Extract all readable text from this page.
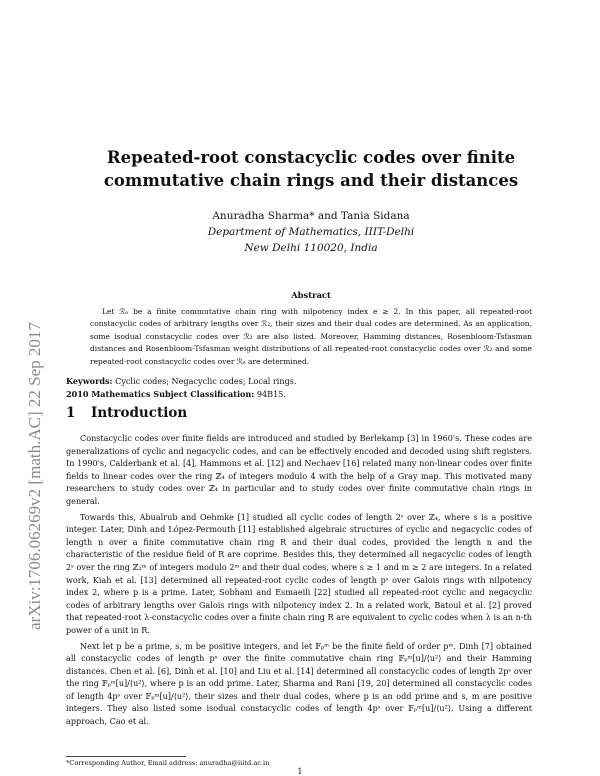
arXiv:1706.06269v2 [math.AC] 22 Sep 2017
Repeated-root constacyclic codes over finite
commutative chain rings and their distances
Anuradha Sharma* and Tania Sidana
Department of Mathematics, IIIT-Delhi
New Delhi 110020, India
Abstract
Let ℛₑ be a finite commutative chain ring with nilpotency index e ≥ 2. In this paper, all repeated-root constacyclic codes of arbitrary lengths over ℛ₂, their sizes and their dual codes are determined. As an application, some isodual constacyclic codes over ℛ₂ are also listed. Moreover, Hamming distances, Rosenbloom-Tsfasman distances and Rosenbloom-Tsfasman weight distributions of all repeated-root constacyclic codes over ℛ₂ and some repeated-root constacyclic codes over ℛₑ are determined.
Keywords: Cyclic codes; Negacyclic codes; Local rings.
2010 Mathematics Subject Classification: 94B15.
1 Introduction

Constacyclic codes over finite fields are introduced and studied by Berlekamp [3] in 1960's. These codes are generalizations of cyclic and negacyclic codes, and can be effectively encoded and decoded using shift registers. In 1990's, Calderbank et al. [4], Hammons et al. [12] and Nechaev [16] related many non-linear codes over finite fields to linear codes over the ring ℤ₄ of integers modulo 4 with the help of a Gray map. This motivated many researchers to study codes over ℤ₄ in particular and to study codes over finite commutative chain rings in general.

Towards this, Abualrub and Oehmke [1] studied all cyclic codes of length 2ˢ over ℤ₄, where s is a positive integer. Later, Dinh and López-Permouth [11] established algebraic structures of cyclic and negacyclic codes of length n over a finite commutative chain ring R and their dual codes, provided the length n and the characteristic of the residue field of R are coprime. Besides this, they determined all negacyclic codes of length 2ˢ over the ring ℤ₂ᵐ of integers modulo 2ᵐ and their dual codes, where s ≥ 1 and m ≥ 2 are integers. In a related work, Kiah et al. [13] determined all repeated-root cyclic codes of length pˢ over Galois rings with nilpotency index 2, where p is a prime. Later, Sobhani and Esmaeili [22] studied all repeated-root cyclic and negacyclic codes of arbitrary lengths over Galois rings with nilpotency index 2. In a related work, Batoul et al. [2] proved that repeated-root λ-constacyclic codes over a finite chain ring R are equivalent to cyclic codes when λ is an n-th power of a unit in R.

Next let p be a prime, s, m be positive integers, and let 𝔽ₚᵐ be the finite field of order pᵐ. Dinh [7] obtained all constacyclic codes of length pˢ over the finite commutative chain ring 𝔽ₚᵐ[u]/⟨u²⟩ and their Hamming distances. Chen et al. [6], Dinh et al. [10] and Liu et al. [14] determined all constacyclic codes of length 2pˢ over the ring 𝔽ₚᵐ[u]/⟨u²⟩, where p is an odd prime. Later, Sharma and Rani [19, 20] determined all constacyclic codes of length 4pˢ over 𝔽ₚᵐ[u]/⟨u²⟩, their sizes and their dual codes, where p is an odd prime and s, m are positive integers. They also listed some isodual constacyclic codes of length 4pˢ over 𝔽ₚᵐ[u]/⟨u²⟩. Using a different approach, Cao et al.

*Corresponding Author, Email address: anuradha@iiitd.ac.in
1
